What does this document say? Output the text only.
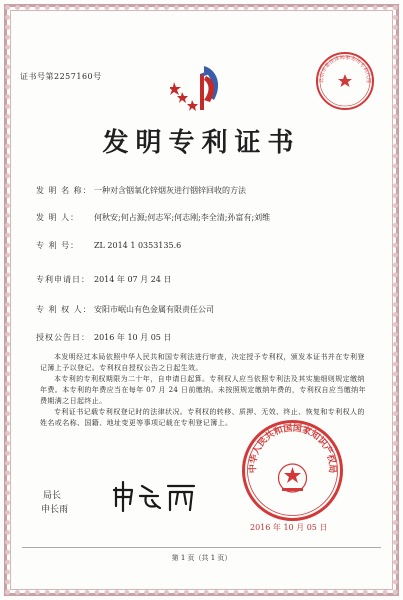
证书号第2257160号	北京市集佳律师事务所专利代理
发明专利证书
发 明 名 称： 一种对含铟氧化锌烟灰进行铟锌回收的方法
发 明 人： 何秋安;何占源;何志军;何志刚;李全清;孙富有;刘维
专 利 号： ZL 2014 1 0353135.6
专利申请日： 2014 年 07 月 24 日
专 利 权 人： 安阳市岷山有色金属有限责任公司
授权公告日： 2016 年 10 月 05 日

本发明经过本局依照中华人民共和国专利法进行审查，决定授予专利权，颁发本证书并在专利登记簿上予以登记。专利权自授权公告之日起生效。

本专利的专利权期限为二十年，自申请日起算。专利权人应当依照专利法及其实施细则规定缴纳年费。本专利的年费应当在每年 07 月 24 日前缴纳。未按照规定缴纳年费的，专利权自应当缴纳年费期满之日起终止。

专利证书记载专利权登记时的法律状况。专利权的转移、质押、无效、终止、恢复和专利权人的姓名或名称、国籍、地址变更等事项记载在专利登记簿上。

中华人民共和国国家知识产权局
2016 年 10 月 05 日
局长
申长雨
第 1 页（共 1 页）
